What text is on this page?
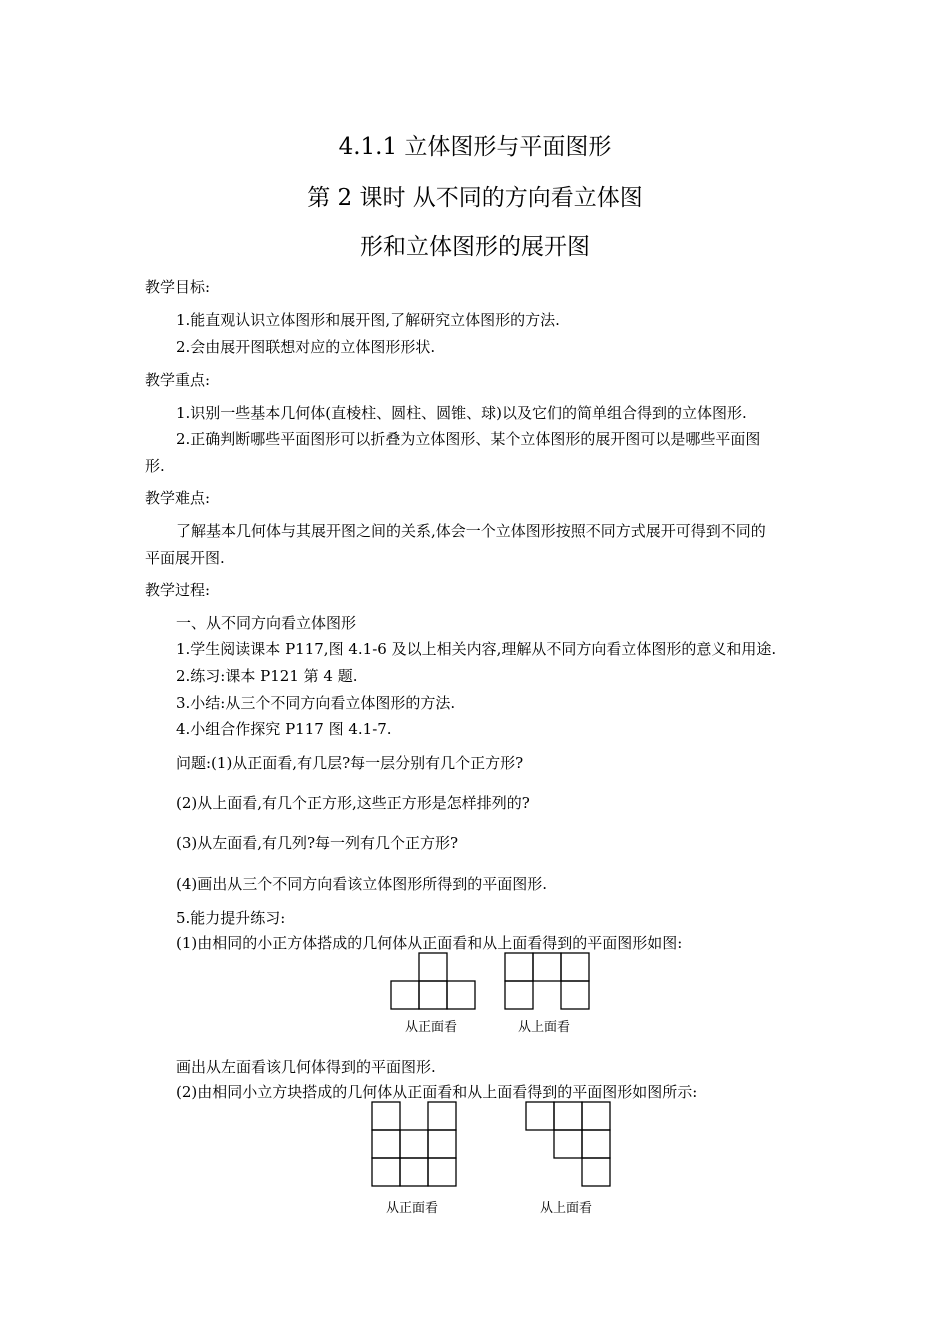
4.1.1 立体图形与平面图形
第 2 课时 从不同的方向看立体图
形和立体图形的展开图
教学目标:
1.能直观认识立体图形和展开图,了解研究立体图形的方法.
2.会由展开图联想对应的立体图形形状.
教学重点:
1.识别一些基本几何体(直棱柱、圆柱、圆锥、球)以及它们的简单组合得到的立体图形.
2.正确判断哪些平面图形可以折叠为立体图形、某个立体图形的展开图可以是哪些平面图
形.
教学难点:
了解基本几何体与其展开图之间的关系,体会一个立体图形按照不同方式展开可得到不同的
平面展开图.
教学过程:
一、从不同方向看立体图形
1.学生阅读课本 P117,图 4.1-6 及以上相关内容,理解从不同方向看立体图形的意义和用途.
2.练习:课本 P121 第 4 题.
3.小结:从三个不同方向看立体图形的方法.
4.小组合作探究 P117 图 4.1-7.
问题:(1)从正面看,有几层?每一层分别有几个正方形?
(2)从上面看,有几个正方形,这些正方形是怎样排列的?
(3)从左面看,有几列?每一列有几个正方形?
(4)画出从三个不同方向看该立体图形所得到的平面图形.
5.能力提升练习:
(1)由相同的小正方体搭成的几何体从正面看和从上面看得到的平面图形如图:
从正面看	从上面看
画出从左面看该几何体得到的平面图形.
(2)由相同小立方块搭成的几何体从正面看和从上面看得到的平面图形如图所示:
从正面看	从上面看
